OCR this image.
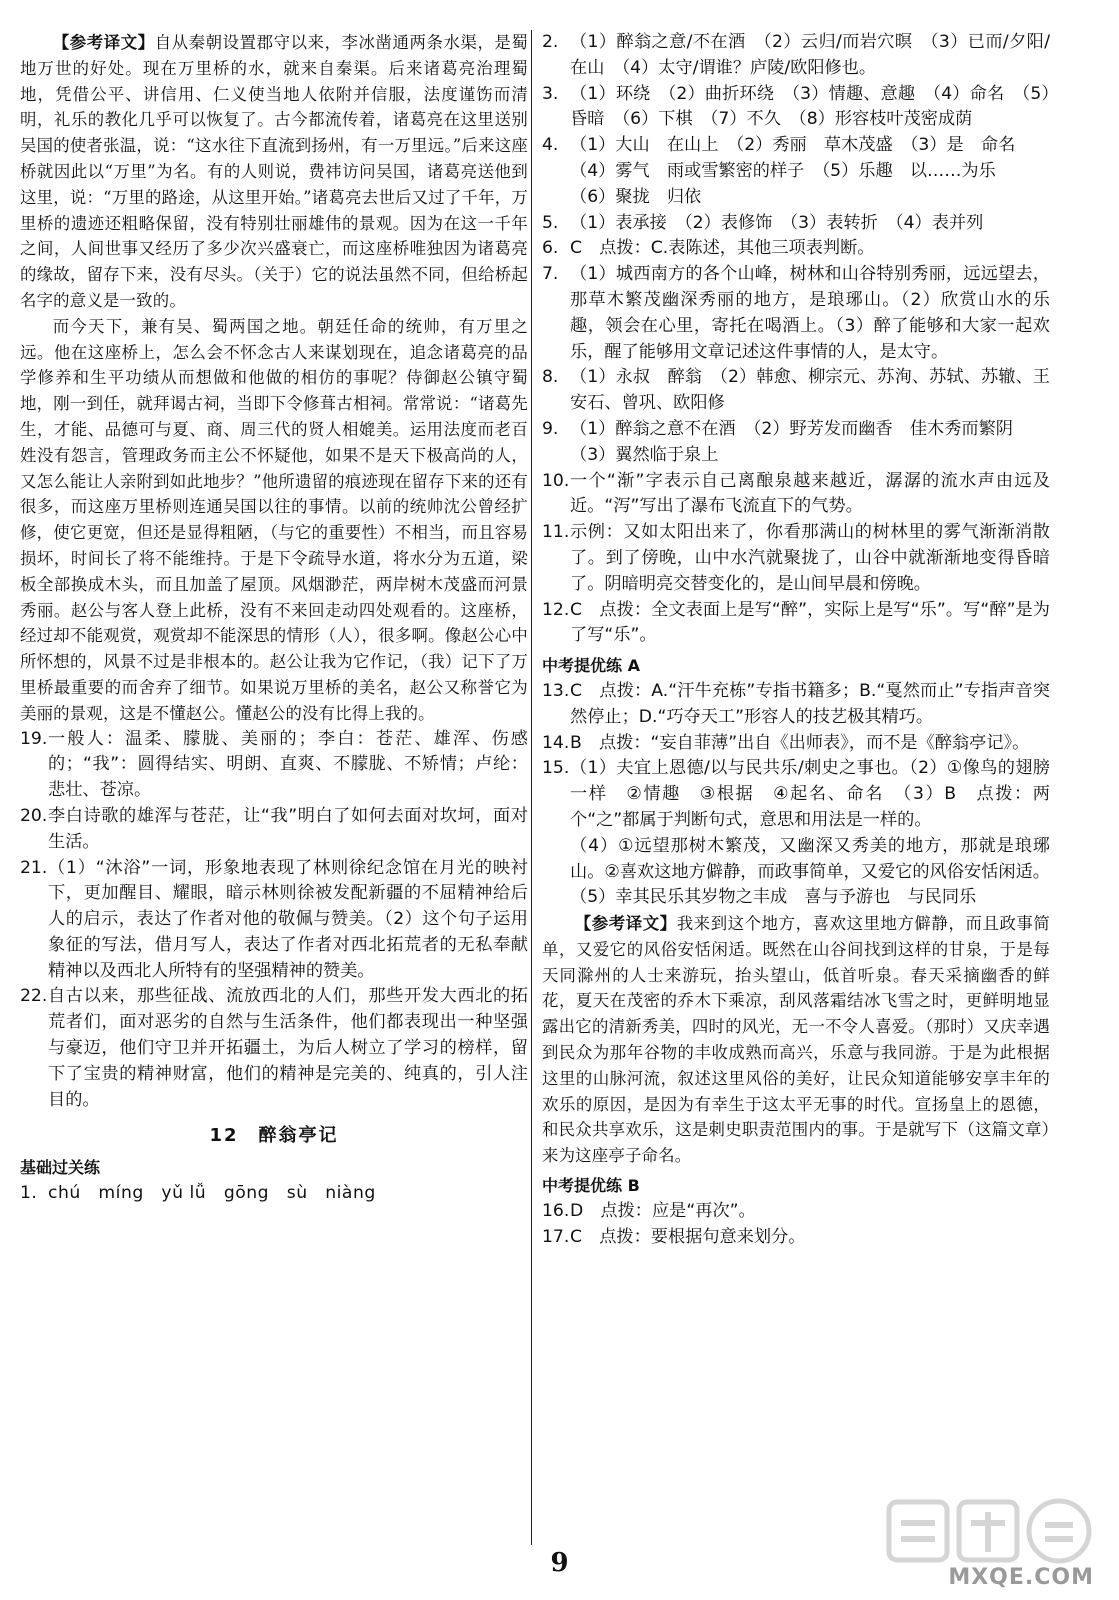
【参考译文】自从秦朝设置郡守以来，李冰凿通两条水渠，是蜀地万世的好处。现在万里桥的水，就来自秦渠。后来诸葛亮治理蜀地，凭借公平、讲信用、仁义使当地人依附并信服，法度谨饬而清明，礼乐的教化几乎可以恢复了。古今都流传着，诸葛亮在这里送别吴国的使者张温，说：“这水往下直流到扬州，有一万里远。”后来这座桥就因此以“万里”为名。有的人则说，费祎访问吴国，诸葛亮送他到这里，说：“万里的路途，从这里开始。”诸葛亮去世后又过了千年，万里桥的遗迹还粗略保留，没有特别壮丽雄伟的景观。因为在这一千年之间，人间世事又经历了多少次兴盛衰亡，而这座桥唯独因为诸葛亮的缘故，留存下来，没有尽头。（关于）它的说法虽然不同，但给桥起名字的意义是一致的。

而今天下，兼有吴、蜀两国之地。朝廷任命的统帅，有万里之远。他在这座桥上，怎么会不怀念古人来谋划现在，追念诸葛亮的品学修养和生平功绩从而想做和他做的相仿的事呢？侍御赵公镇守蜀地，刚一到任，就拜谒古祠，当即下令修葺古相祠。常常说：“诸葛先生，才能、品德可与夏、商、周三代的贤人相媲美。运用法度而老百姓没有怨言，管理政务而主公不怀疑他，如果不是天下极高尚的人，又怎么能让人亲附到如此地步？”他所遗留的痕迹现在留存下来的还有很多，而这座万里桥则连通吴国以往的事情。以前的统帅沈公曾经扩修，使它更宽，但还是显得粗陋，（与它的重要性）不相当，而且容易损坏，时间长了将不能维持。于是下令疏导水道，将水分为五道，梁板全部换成木头，而且加盖了屋顶。风烟渺茫，两岸树木茂盛而河景秀丽。赵公与客人登上此桥，没有不来回走动四处观看的。这座桥，经过却不能观赏，观赏却不能深思的情形（人），很多啊。像赵公心中所怀想的，风景不过是非根本的。赵公让我为它作记，（我）记下了万里桥最重要的而舍弃了细节。如果说万里桥的美名，赵公又称誉它为美丽的景观，这是不懂赵公。懂赵公的没有比得上我的。

19. 一般人：温柔、朦胧、美丽的；李白：苍茫、雄浑、伤感的；“我”：圆得结实、明朗、直爽、不朦胧、不矫情；卢纶：悲壮、苍凉。
20. 李白诗歌的雄浑与苍茫，让“我”明白了如何去面对坎坷，面对生活。
21. （1）“沐浴”一词，形象地表现了林则徐纪念馆在月光的映衬下，更加醒目、耀眼，暗示林则徐被发配新疆的不屈精神给后人的启示，表达了作者对他的敬佩与赞美。（2）这个句子运用象征的写法，借月写人，表达了作者对西北拓荒者的无私奉献精神以及西北人所特有的坚强精神的赞美。
22. 自古以来，那些征战、流放西北的人们，那些开发大西北的拓荒者们，面对恶劣的自然与生活条件，他们都表现出一种坚强与豪迈，他们守卫并开拓疆土，为后人树立了学习的榜样，留下了宝贵的精神财富，他们的精神是完美的、纯真的，引人注目的。
12　醉翁亭记
基础过关练
1. chú　míng　yǔ lǚ　gōng　sù　niàng
2. （1）醉翁之意/不在酒　（2）云归/而岩穴暝　（3）已而/夕阳/在山　（4）太守/谓谁？庐陵/欧阳修也。
3. （1）环绕　（2）曲折环绕　（3）情趣、意趣　（4）命名　（5）昏暗　（6）下棋　（7）不久　（8）形容枝叶茂密成荫
4. （1）大山　在山上　（2）秀丽　草木茂盛　（3）是　命名
（4）雾气　雨或雪繁密的样子　（5）乐趣　以……为乐
（6）聚拢　归依
5. （1）表承接　（2）表修饰　（3）表转折　（4）表并列
6. C　点拨：C.表陈述，其他三项表判断。
7. （1）城西南方的各个山峰，树林和山谷特别秀丽，远远望去，那草木繁茂幽深秀丽的地方，是琅琊山。（2）欣赏山水的乐趣，领会在心里，寄托在喝酒上。（3）醉了能够和大家一起欢乐，醒了能够用文章记述这件事情的人，是太守。
8. （1）永叔　醉翁　（2）韩愈、柳宗元、苏洵、苏轼、苏辙、王安石、曾巩、欧阳修
9. （1）醉翁之意不在酒　（2）野芳发而幽香　佳木秀而繁阴
（3）翼然临于泉上
10. 一个“渐”字表示自己离酿泉越来越近，潺潺的流水声由远及近。“泻”写出了瀑布飞流直下的气势。
11. 示例：又如太阳出来了，你看那满山的树林里的雾气渐渐消散了。到了傍晚，山中水汽就聚拢了，山谷中就渐渐地变得昏暗了。阴暗明亮交替变化的，是山间早晨和傍晚。
12. C　点拨：全文表面上是写“醉”，实际上是写“乐”。写“醉”是为了写“乐”。
中考提优练 A
13. C　点拨：A.“汗牛充栋”专指书籍多；B.“戛然而止”专指声音突然停止；D.“巧夺天工”形容人的技艺极其精巧。
14. B　点拨：“妄自菲薄”出自《出师表》，而不是《醉翁亭记》。
15. （1）夫宜上恩德/以与民共乐/刺史之事也。（2）①像鸟的翅膀一样　②情趣　③根据　④起名、命名　（3）B　点拨：两个“之”都属于判断句式，意思和用法是一样的。
（4）①远望那树木繁茂，又幽深又秀美的地方，那就是琅琊山。②喜欢这地方僻静，而政事简单，又爱它的风俗安恬闲适。（5）幸其民乐其岁物之丰成　喜与予游也　与民同乐

【参考译文】我来到这个地方，喜欢这里地方僻静，而且政事简单，又爱它的风俗安恬闲适。既然在山谷间找到这样的甘泉，于是每天同滁州的人士来游玩，抬头望山，低首听泉。春天采摘幽香的鲜花，夏天在茂密的乔木下乘凉，刮风落霜结冰飞雪之时，更鲜明地显露出它的清新秀美，四时的风光，无一不令人喜爱。（那时）又庆幸遇到民众为那年谷物的丰收成熟而高兴，乐意与我同游。于是为此根据这里的山脉河流，叙述这里风俗的美好，让民众知道能够安享丰年的欢乐的原因，是因为有幸生于这太平无事的时代。宣扬皇上的恩德，和民众共享欢乐，这是刺史职责范围内的事。于是就写下（这篇文章）来为这座亭子命名。

中考提优练 B
16. D　点拨：应是“再次”。
17. C　点拨：要根据句意来划分。
9	MXQE.COM
